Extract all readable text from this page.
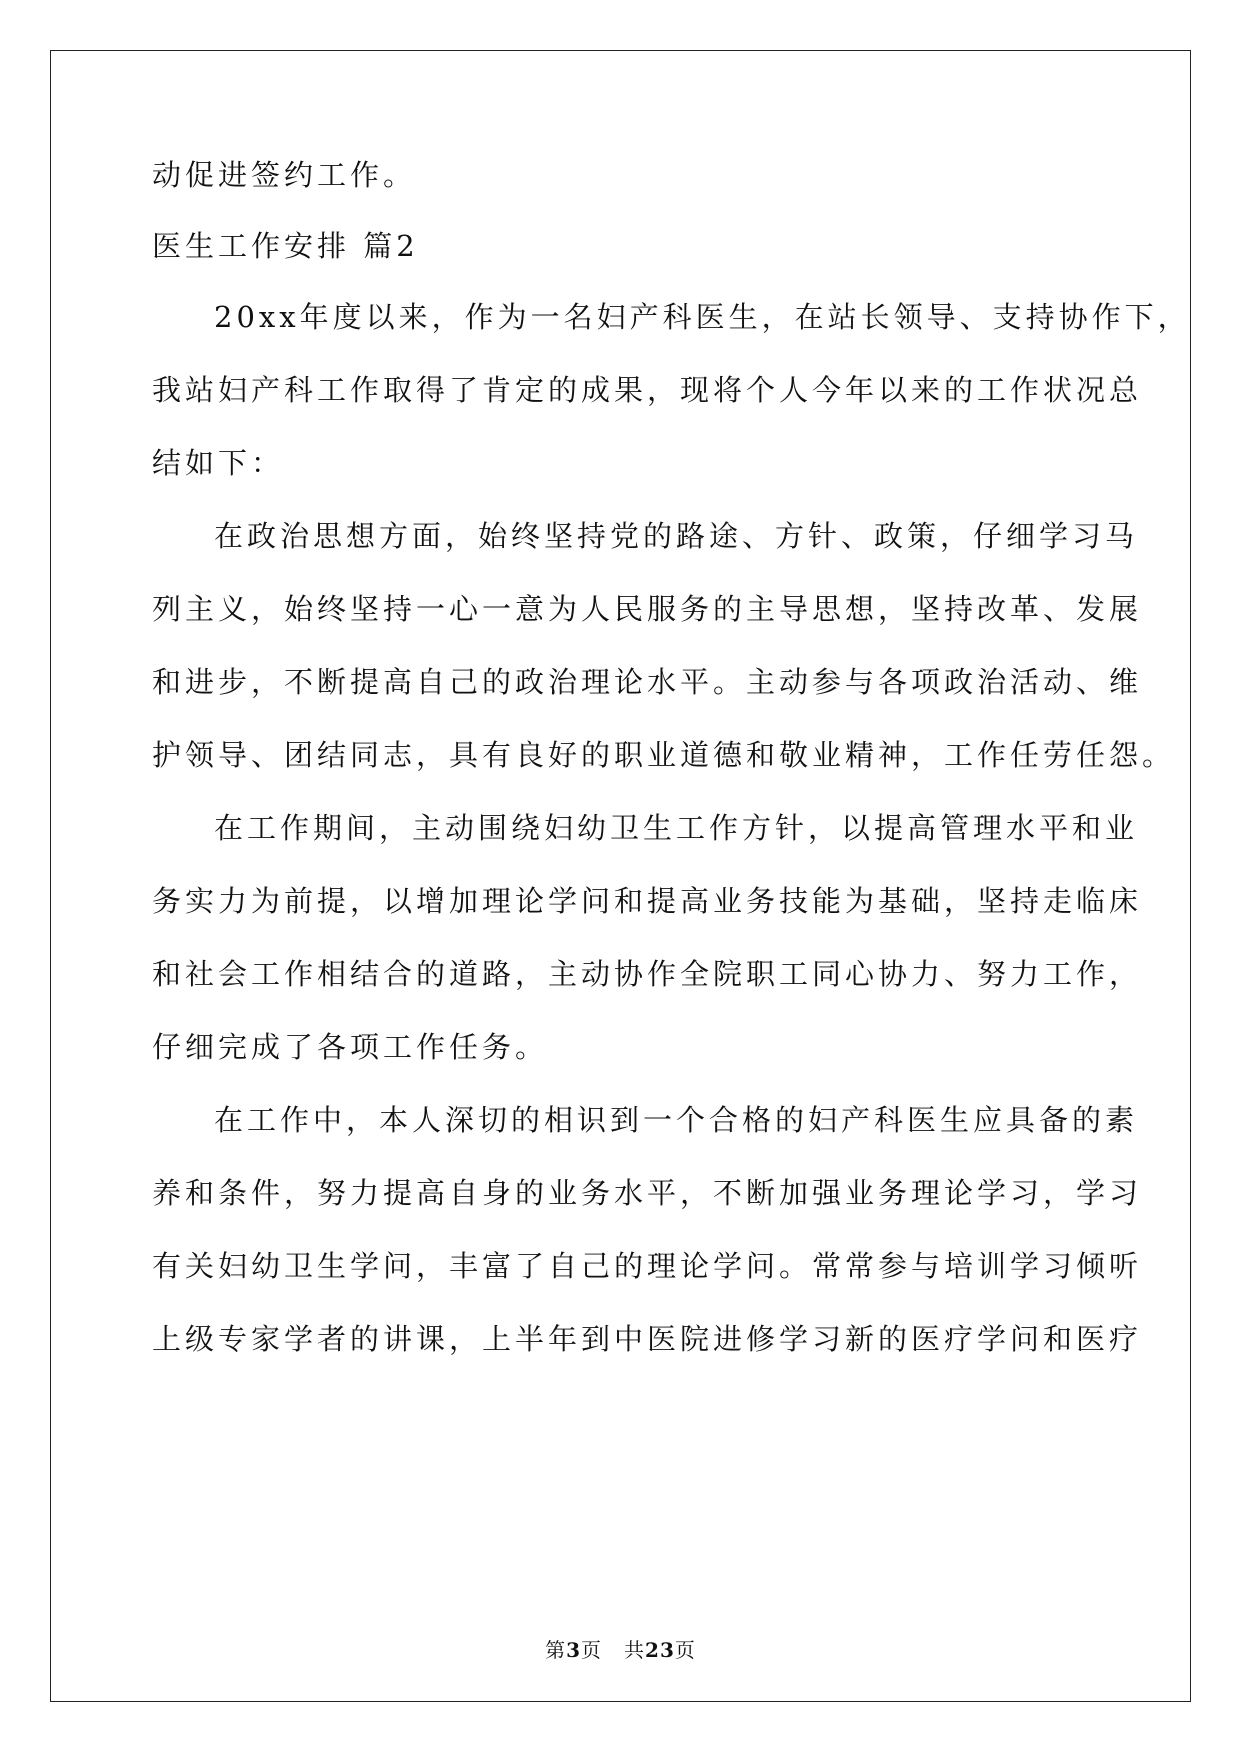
动促进签约工作。
医生工作安排 篇2
20xx年度以来，作为一名妇产科医生，在站长领导、支持协作下，
我站妇产科工作取得了肯定的成果，现将个人今年以来的工作状况总
结如下：
在政治思想方面，始终坚持党的路途、方针、政策，仔细学习马
列主义，始终坚持一心一意为人民服务的主导思想，坚持改革、发展
和进步，不断提高自己的政治理论水平。主动参与各项政治活动、维
护领导、团结同志，具有良好的职业道德和敬业精神，工作任劳任怨。
在工作期间，主动围绕妇幼卫生工作方针，以提高管理水平和业
务实力为前提，以增加理论学问和提高业务技能为基础，坚持走临床
和社会工作相结合的道路，主动协作全院职工同心协力、努力工作，
仔细完成了各项工作任务。
在工作中，本人深切的相识到一个合格的妇产科医生应具备的素
养和条件，努力提高自身的业务水平，不断加强业务理论学习，学习
有关妇幼卫生学问，丰富了自己的理论学问。常常参与培训学习倾听
上级专家学者的讲课，上半年到中医院进修学习新的医疗学问和医疗
第3页 共23页
